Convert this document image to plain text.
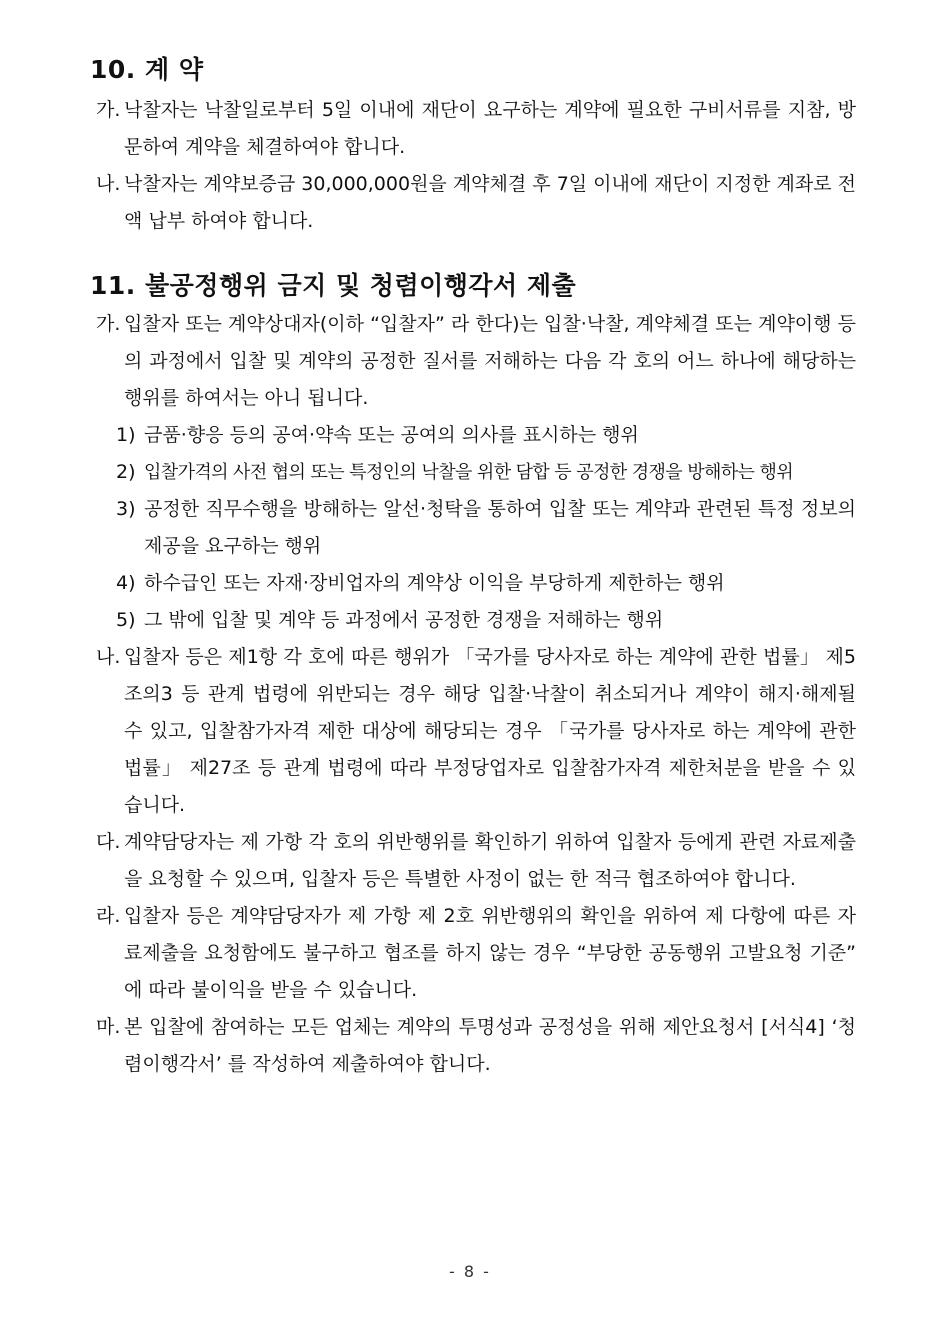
10. 계 약
가. 낙찰자는 낙찰일로부터 5일 이내에 재단이 요구하는 계약에 필요한 구비서류를 지참, 방문하여 계약을 체결하여야 합니다.
나. 낙찰자는 계약보증금 30,000,000원을 계약체결 후 7일 이내에 재단이 지정한 계좌로 전액 납부 하여야 합니다.
11. 불공정행위 금지 및 청렴이행각서 제출
가. 입찰자 또는 계약상대자(이하 “입찰자” 라 한다)는 입찰·낙찰, 계약체결 또는 계약이행 등의 과정에서 입찰 및 계약의 공정한 질서를 저해하는 다음 각 호의 어느 하나에 해당하는 행위를 하여서는 아니 됩니다.
1) 금품·향응 등의 공여·약속 또는 공여의 의사를 표시하는 행위
2) 입찰가격의 사전 협의 또는 특정인의 낙찰을 위한 담합 등 공정한 경쟁을 방해하는 행위
3) 공정한 직무수행을 방해하는 알선·청탁을 통하여 입찰 또는 계약과 관련된 특정 정보의 제공을 요구하는 행위
4) 하수급인 또는 자재·장비업자의 계약상 이익을 부당하게 제한하는 행위
5) 그 밖에 입찰 및 계약 등 과정에서 공정한 경쟁을 저해하는 행위
나. 입찰자 등은 제1항 각 호에 따른 행위가 「국가를 당사자로 하는 계약에 관한 법률」 제5조의3 등 관계 법령에 위반되는 경우 해당 입찰·낙찰이 취소되거나 계약이 해지·해제될 수 있고, 입찰참가자격 제한 대상에 해당되는 경우 「국가를 당사자로 하는 계약에 관한 법률」 제27조 등 관계 법령에 따라 부정당업자로 입찰참가자격 제한처분을 받을 수 있습니다.
다. 계약담당자는 제 가항 각 호의 위반행위를 확인하기 위하여 입찰자 등에게 관련 자료제출을 요청할 수 있으며, 입찰자 등은 특별한 사정이 없는 한 적극 협조하여야 합니다.
라. 입찰자 등은 계약담당자가 제 가항 제 2호 위반행위의 확인을 위하여 제 다항에 따른 자료제출을 요청함에도 불구하고 협조를 하지 않는 경우 “부당한 공동행위 고발요청 기준” 에 따라 불이익을 받을 수 있습니다.
마. 본 입찰에 참여하는 모든 업체는 계약의 투명성과 공정성을 위해 제안요청서 [서식4] ‘청렴이행각서’ 를 작성하여 제출하여야 합니다.
- 8 -
